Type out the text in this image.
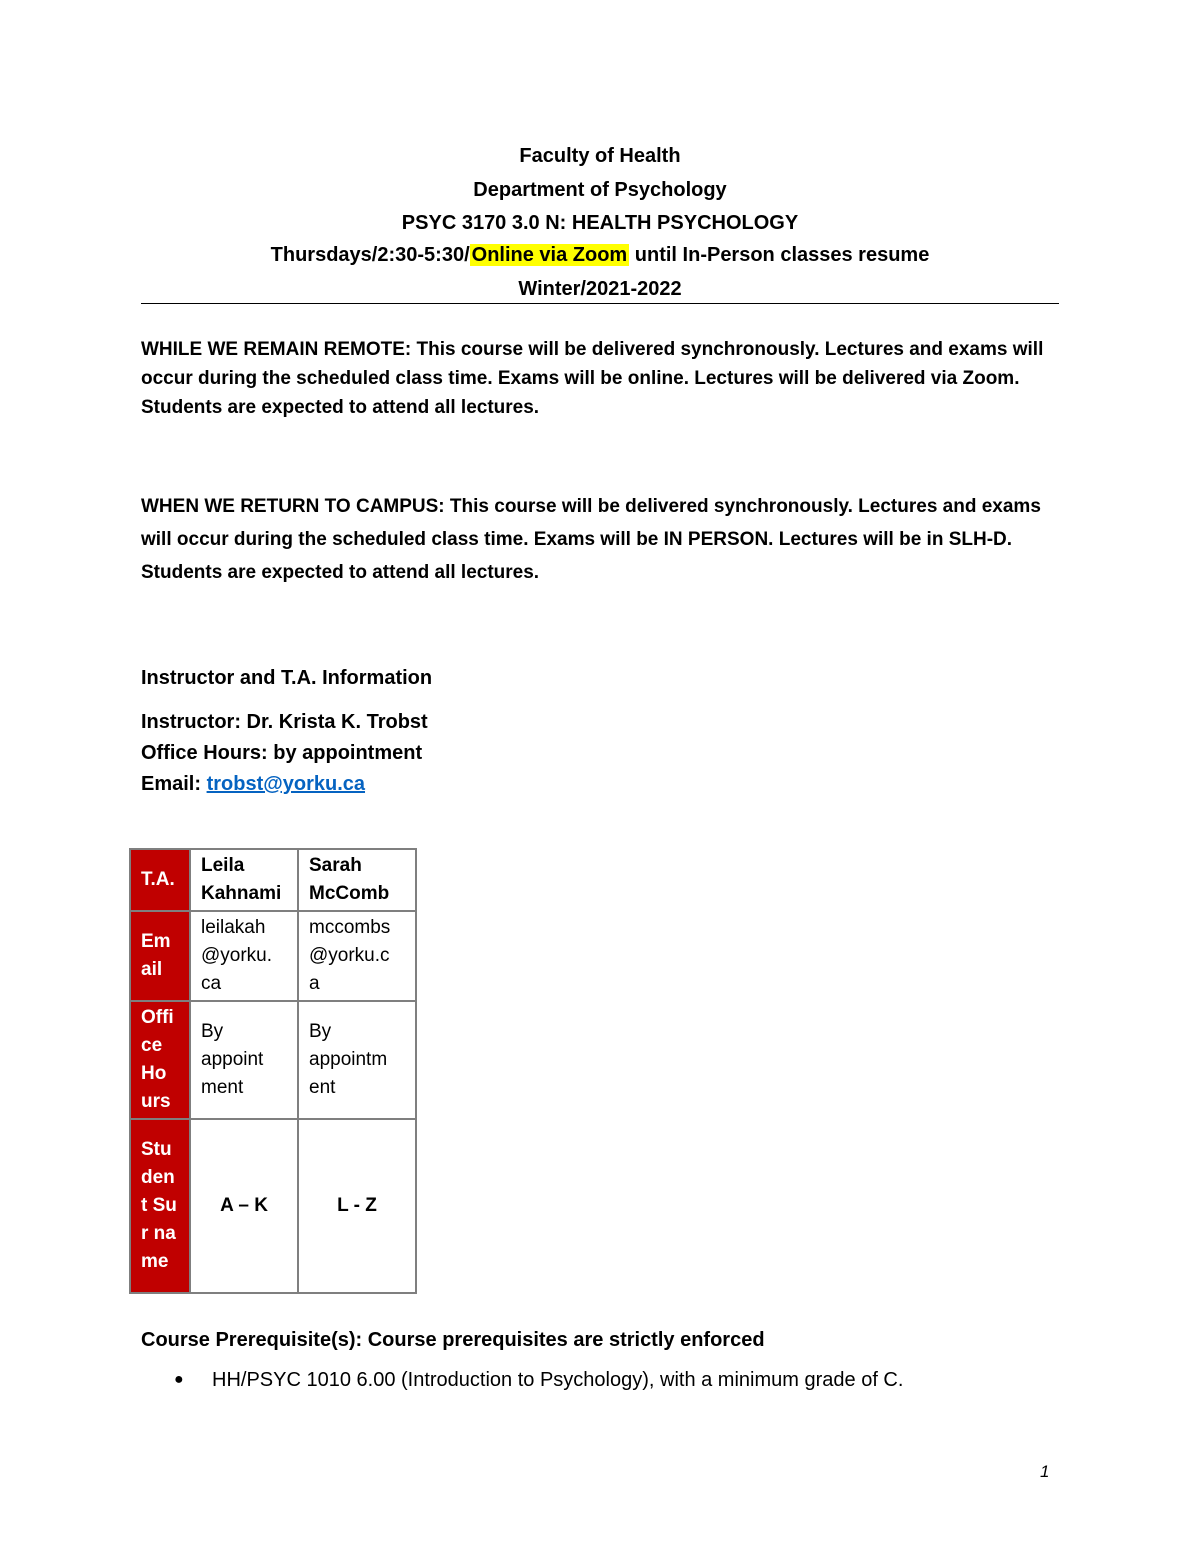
Faculty of Health
Department of Psychology
PSYC 3170 3.0 N: HEALTH PSYCHOLOGY
Thursdays/2:30-5:30/ Online via Zoom until In-Person classes resume
Winter/2021-2022
WHILE WE REMAIN REMOTE: This course will be delivered synchronously. Lectures and exams will occur during the scheduled class time. Exams will be online. Lectures will be delivered via Zoom. Students are expected to attend all lectures.
WHEN WE RETURN TO CAMPUS: This course will be delivered synchronously. Lectures and exams will occur during the scheduled class time. Exams will be IN PERSON. Lectures will be in SLH-D. Students are expected to attend all lectures.
Instructor and T.A. Information
Instructor: Dr. Krista K. Trobst
Office Hours: by appointment
Email: trobst@yorku.ca
T.A.	Leila Kahnami	Sarah McComb
Em ail	leilakah @yorku. ca	mccombs @yorku.c a
Offi ce Ho urs	By appoint ment	By appointm ent
Stu den t Sur na me	A – K	L - Z
Course Prerequisite(s): Course prerequisites are strictly enforced
●	HH/PSYC 1010 6.00 (Introduction to Psychology), with a minimum grade of C.
1
